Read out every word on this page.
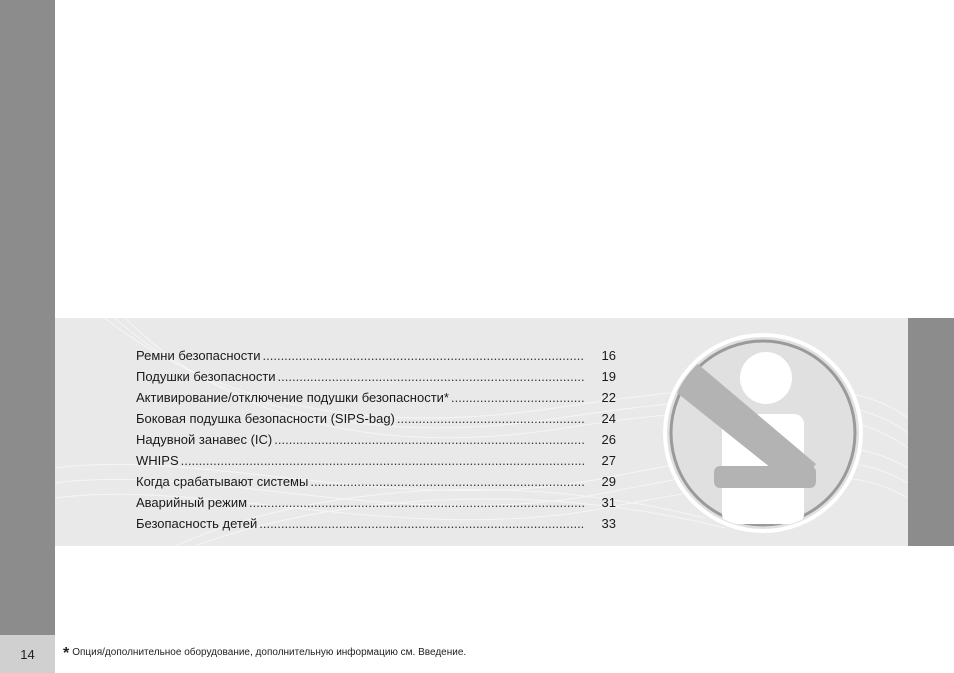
14
Ремни безопасности .....	16
Подушки безопасности .....	19
Активирование/отключение подушки безопасности* .....	22
Боковая подушка безопасности (SIPS-bag) .....	24
Надувной занавес (IC) .....	26
WHIPS .....	27
Когда срабатывают системы .....	29
Аварийный режим .....	31
Безопасность детей .....	33
* Опция/дополнительное оборудование, дополнительную информацию см. Введение.
